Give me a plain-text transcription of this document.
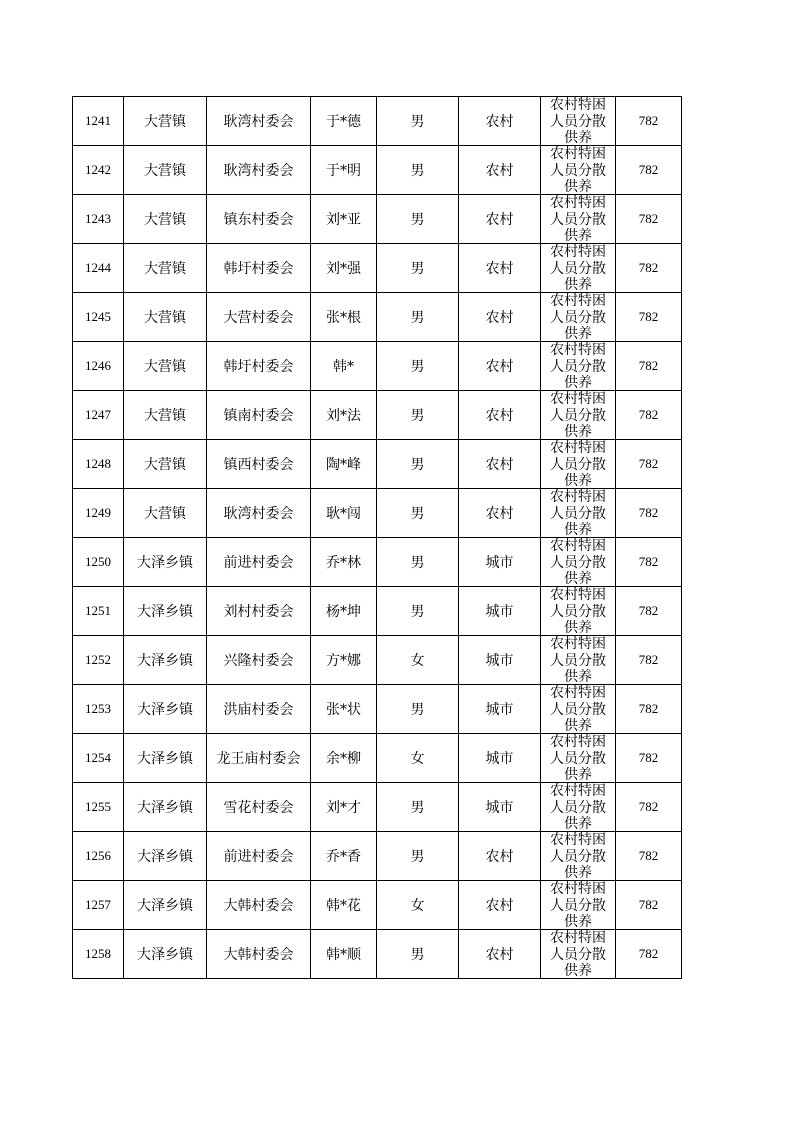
1241	大营镇	耿湾村委会	于*德	男	农村	农村特困人员分散供养	782
1242	大营镇	耿湾村委会	于*明	男	农村	农村特困人员分散供养	782
1243	大营镇	镇东村委会	刘*亚	男	农村	农村特困人员分散供养	782
1244	大营镇	韩圩村委会	刘*强	男	农村	农村特困人员分散供养	782
1245	大营镇	大营村委会	张*根	男	农村	农村特困人员分散供养	782
1246	大营镇	韩圩村委会	韩*	男	农村	农村特困人员分散供养	782
1247	大营镇	镇南村委会	刘*法	男	农村	农村特困人员分散供养	782
1248	大营镇	镇西村委会	陶*峰	男	农村	农村特困人员分散供养	782
1249	大营镇	耿湾村委会	耿*闯	男	农村	农村特困人员分散供养	782
1250	大泽乡镇	前进村委会	乔*林	男	城市	农村特困人员分散供养	782
1251	大泽乡镇	刘村村委会	杨*坤	男	城市	农村特困人员分散供养	782
1252	大泽乡镇	兴隆村委会	方*娜	女	城市	农村特困人员分散供养	782
1253	大泽乡镇	洪庙村委会	张*状	男	城市	农村特困人员分散供养	782
1254	大泽乡镇	龙王庙村委会	余*柳	女	城市	农村特困人员分散供养	782
1255	大泽乡镇	雪花村委会	刘*才	男	城市	农村特困人员分散供养	782
1256	大泽乡镇	前进村委会	乔*香	男	农村	农村特困人员分散供养	782
1257	大泽乡镇	大韩村委会	韩*花	女	农村	农村特困人员分散供养	782
1258	大泽乡镇	大韩村委会	韩*顺	男	农村	农村特困人员分散供养	782
